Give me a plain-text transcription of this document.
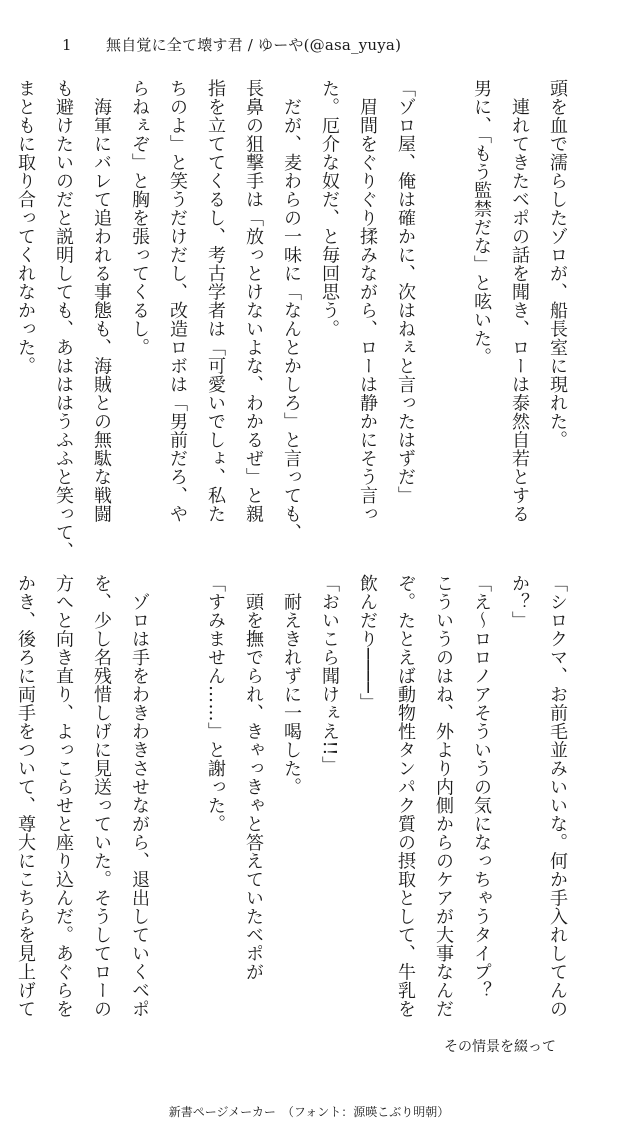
1 無自覚に全て壊す君 / ゆーや(@asa_yuya)

頭を血で濡らしたゾロが、船長室に現れた。

　連れてきたベポの話を聞き、ローは泰然自若とする

男に、「もう監禁だな」と呟いた。

「ゾロ屋、俺は確かに、次はねぇと言ったはずだ」

　眉間をぐりぐり揉みながら、ローは静かにそう言っ

た。厄介な奴だ、と毎回思う。

　だが、麦わらの一味に「なんとかしろ」と言っても、

長鼻の狙撃手は「放っとけないよな、わかるぜ」と親

指を立ててくるし、考古学者は「可愛いでしょ、私た

ちのよ」と笑うだけだし、改造ロボは「男前だろ、や

らねぇぞ」と胸を張ってくるし。

　海軍にバレて追われる事態も、海賊との無駄な戦闘

も避けたいのだと説明しても、あはははうふふと笑って、

まともに取り合ってくれなかった。

「シロクマ、お前毛並みいいな。何か手入れしてんの

か？」

「え〜ロロノアそういうの気になっちゃうタイプ？

こういうのはね、外より内側からのケアが大事なんだ

ぞ。たとえば動物性タンパク質の摂取として、牛乳を

飲んだり────」

「おいこら聞けぇえ!!」

　耐えきれずに一喝した。

　頭を撫でられ、きゃっきゃと答えていたベポが

「すみません……」と謝った。

　ゾロは手をわきわきさせながら、退出していくベポ

を、少し名残惜しげに見送っていた。そうしてローの

方へと向き直り、よっこらせと座り込んだ。あぐらを

かき、後ろに両手をついて、尊大にこちらを見上げて

その情景を綴って
新書ページメーカー　（フォント：源暎こぶり明朝）
